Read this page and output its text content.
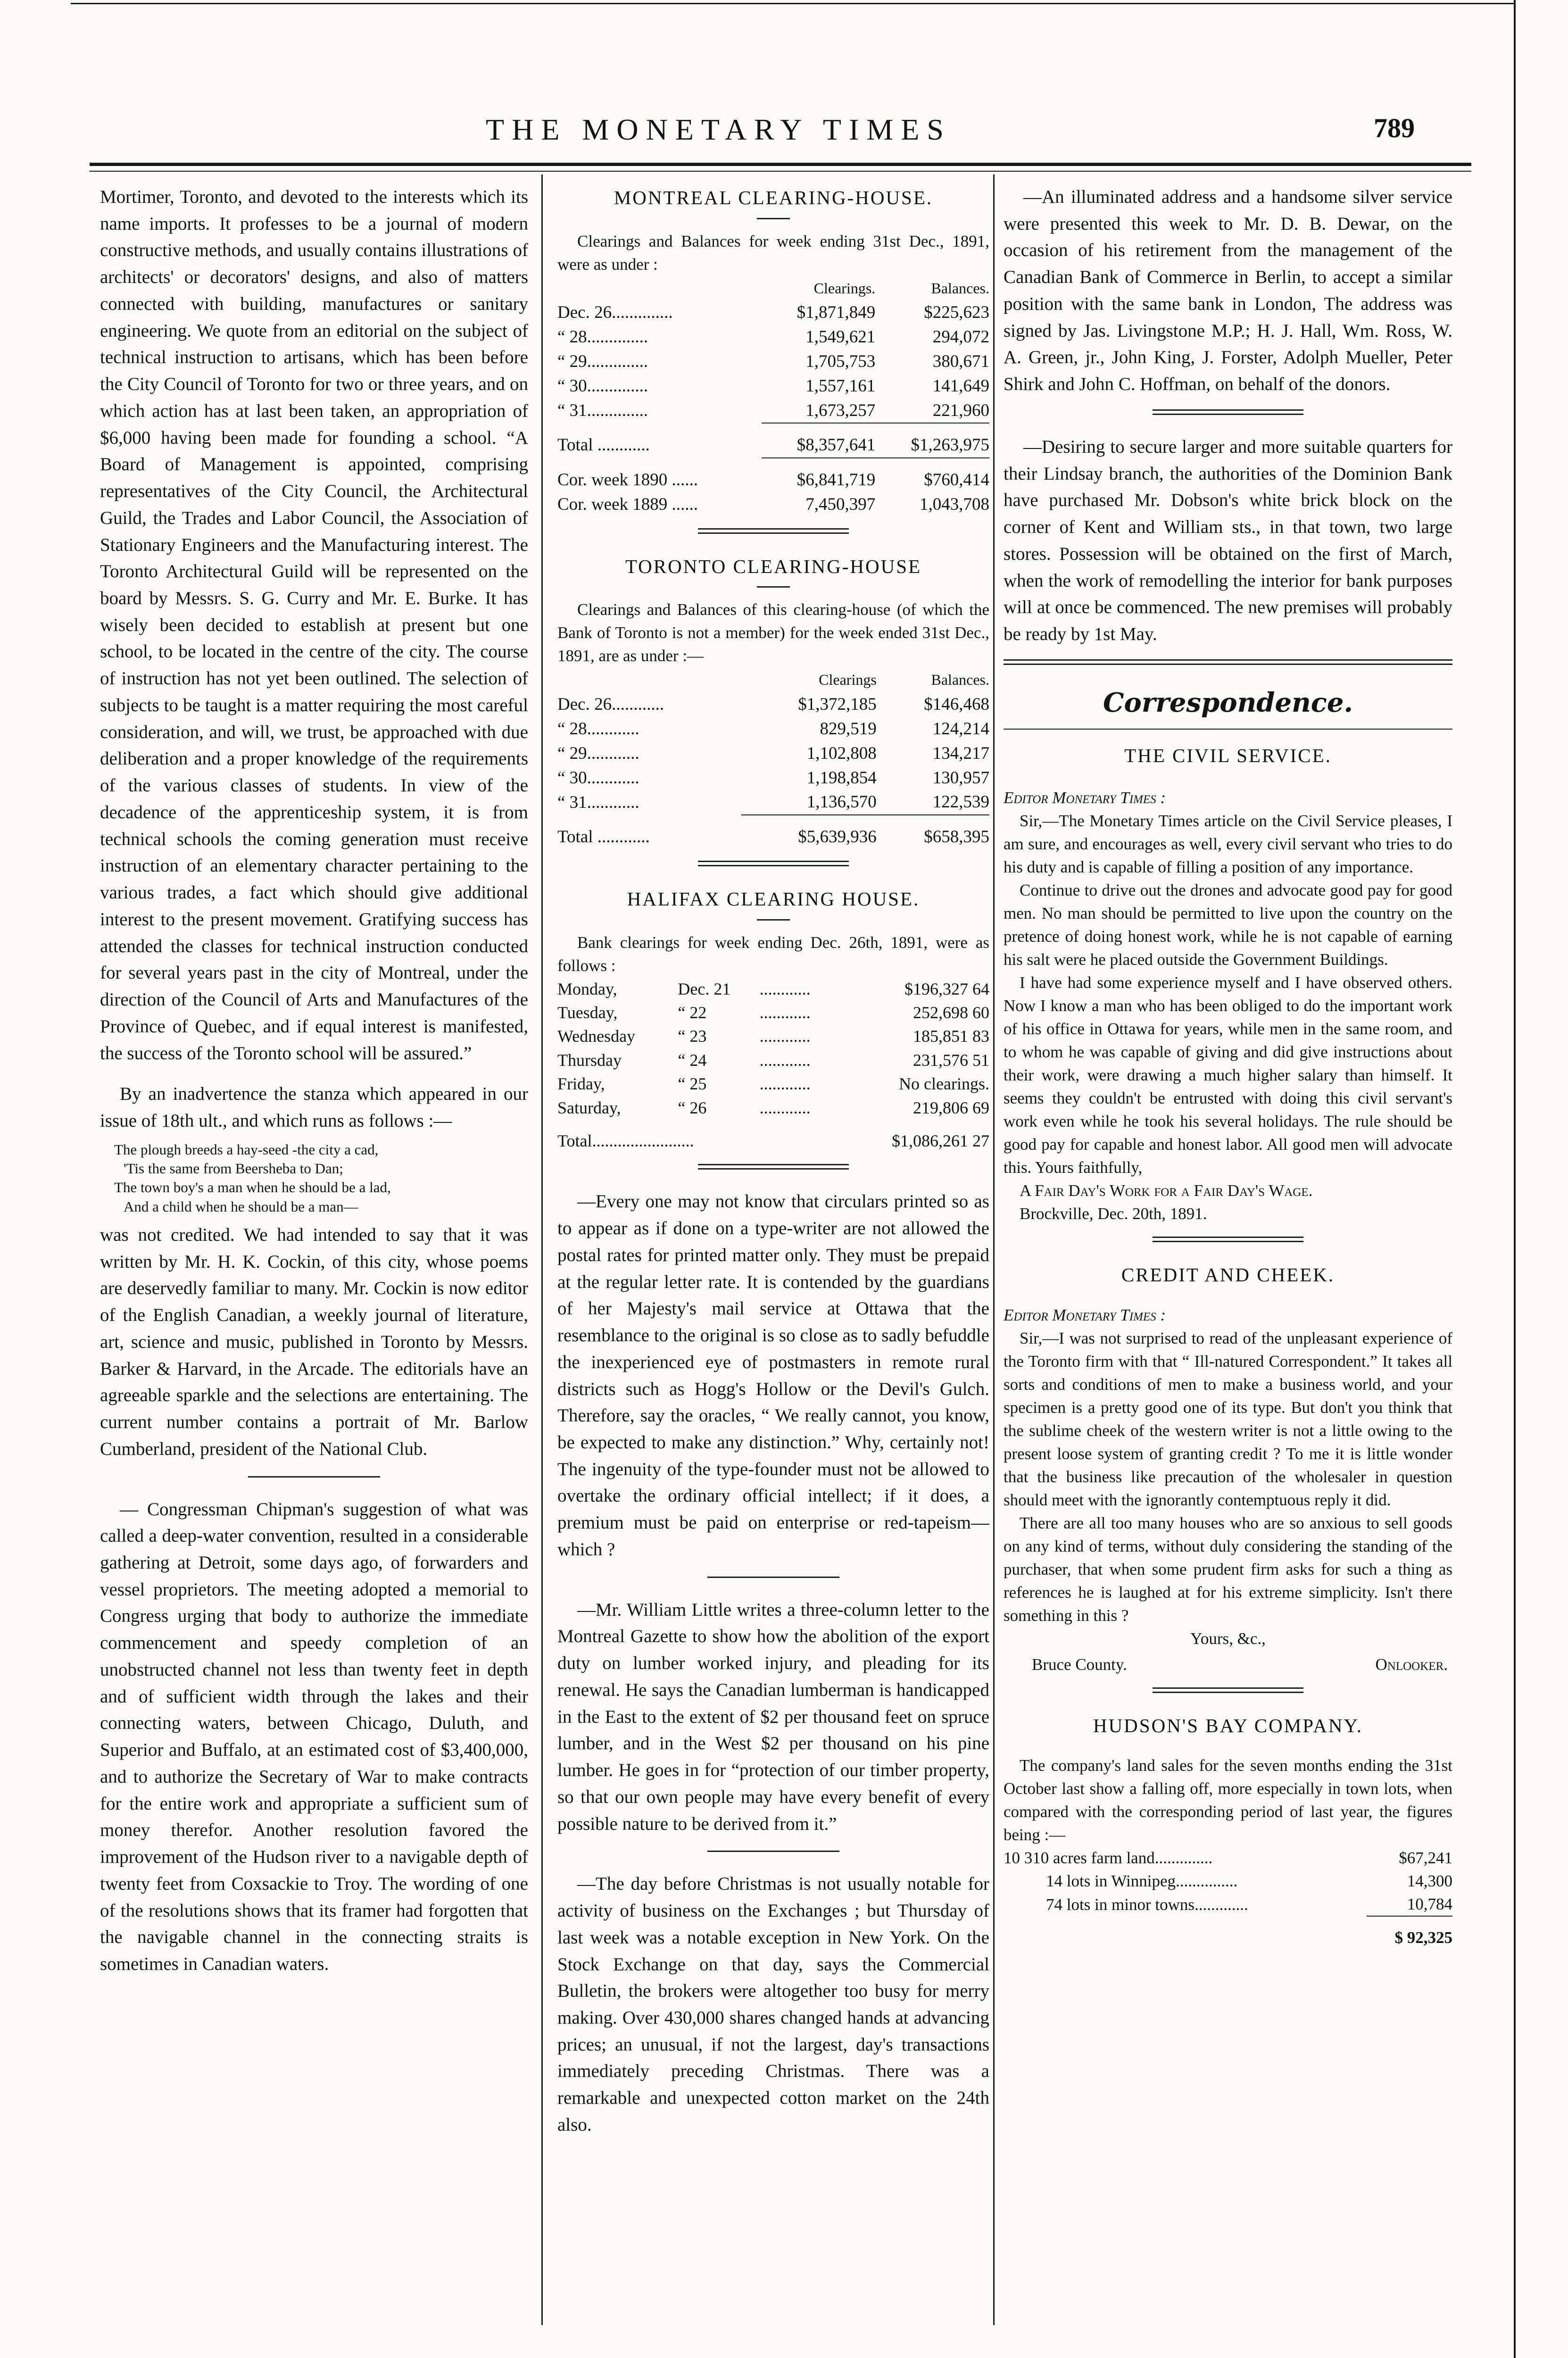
THE MONETARY TIMES	789

Mortimer, Toronto, and devoted to the interests which its name imports. It professes to be a journal of modern constructive methods, and usually contains illustrations of architects' or decorators' designs, and also of matters connected with building, manufactures or sanitary engineering. We quote from an editorial on the subject of technical instruction to artisans, which has been before the City Council of Toronto for two or three years, and on which action has at last been taken, an appropriation of $6,000 having been made for founding a school. “A Board of Management is appointed, comprising representatives of the City Council, the Architectural Guild, the Trades and Labor Council, the Association of Stationary Engineers and the Manufacturing interest. The Toronto Architectural Guild will be represented on the board by Messrs. S. G. Curry and Mr. E. Burke. It has wisely been decided to establish at present but one school, to be located in the centre of the city. The course of instruction has not yet been outlined. The selection of subjects to be taught is a matter requiring the most careful consideration, and will, we trust, be approached with due deliberation and a proper knowledge of the requirements of the various classes of students. In view of the decadence of the apprenticeship system, it is from technical schools the coming generation must receive instruction of an elementary character pertaining to the various trades, a fact which should give additional interest to the present movement. Gratifying success has attended the classes for technical instruction conducted for several years past in the city of Montreal, under the direction of the Council of Arts and Manufactures of the Province of Quebec, and if equal interest is manifested, the success of the Toronto school will be assured.”

By an inadvertence the stanza which appeared in our issue of 18th ult., and which runs as follows :—

The plough breeds a hay-seed -the city a cad,
'Tis the same from Beersheba to Dan;
The town boy's a man when he should be a lad,
And a child when he should be a man—

was not credited. We had intended to say that it was written by Mr. H. K. Cockin, of this city, whose poems are deservedly familiar to many. Mr. Cockin is now editor of the English Canadian, a weekly journal of literature, art, science and music, published in Toronto by Messrs. Barker & Harvard, in the Arcade. The editorials have an agreeable sparkle and the selections are entertaining. The current number contains a portrait of Mr. Barlow Cumberland, president of the National Club.

— Congressman Chipman's suggestion of what was called a deep-water convention, resulted in a considerable gathering at Detroit, some days ago, of forwarders and vessel proprietors. The meeting adopted a memorial to Congress urging that body to authorize the immediate commencement and speedy completion of an unobstructed channel not less than twenty feet in depth and of sufficient width through the lakes and their connecting waters, between Chicago, Duluth, and Superior and Buffalo, at an estimated cost of $3,400,000, and to authorize the Secretary of War to make contracts for the entire work and appropriate a sufficient sum of money therefor. Another resolution favored the improvement of the Hudson river to a navigable depth of twenty feet from Coxsackie to Troy. The wording of one of the resolutions shows that its framer had forgotten that the navigable channel in the connecting straits is sometimes in Canadian waters.

MONTREAL CLEARING-HOUSE.

Clearings and Balances for week ending 31st Dec., 1891, were as under :

	Clearings.	Balances.
Dec. 26..............	$1,871,849	$225,623
“ 28..............	1,549,621	294,072
“ 29..............	1,705,753	380,671
“ 30..............	1,557,161	141,649
“ 31..............	1,673,257	221,960
Total ............	$8,357,641	$1,263,975
Cor. week 1890 ......	$6,841,719	$760,414
Cor. week 1889 ......	7,450,397	1,043,708
TORONTO CLEARING-HOUSE

Clearings and Balances of this clearing-house (of which the Bank of Toronto is not a member) for the week ended 31st Dec., 1891, are as under :—

	Clearings	Balances.
Dec. 26............	$1,372,185	$146,468
“ 28............	829,519	124,214
“ 29............	1,102,808	134,217
“ 30............	1,198,854	130,957
“ 31............	1,136,570	122,539
Total ............	$5,639,936	$658,395
HALIFAX CLEARING HOUSE.

Bank clearings for week ending Dec. 26th, 1891, were as follows :

Monday,	Dec. 21	............	$196,327 64
Tuesday,	“ 22	............	252,698 60
Wednesday	“ 23	............	185,851 83
Thursday	“ 24	............	231,576 51
Friday,	“ 25	............	No clearings.
Saturday,	“ 26	............	219,806 69
Total........................			$1,086,261 27

—Every one may not know that circulars printed so as to appear as if done on a type-writer are not allowed the postal rates for printed matter only. They must be prepaid at the regular letter rate. It is contended by the guardians of her Majesty's mail service at Ottawa that the resemblance to the original is so close as to sadly befuddle the inexperienced eye of postmasters in remote rural districts such as Hogg's Hollow or the Devil's Gulch. Therefore, say the oracles, “ We really cannot, you know, be expected to make any distinction.” Why, certainly not! The ingenuity of the type-founder must not be allowed to overtake the ordinary official intellect; if it does, a premium must be paid on enterprise or red-tapeism—which ?

—Mr. William Little writes a three-column letter to the Montreal Gazette to show how the abolition of the export duty on lumber worked injury, and pleading for its renewal. He says the Canadian lumberman is handicapped in the East to the extent of $2 per thousand feet on spruce lumber, and in the West $2 per thousand on his pine lumber. He goes in for “protection of our timber property, so that our own people may have every benefit of every possible nature to be derived from it.”

—The day before Christmas is not usually notable for activity of business on the Exchanges ; but Thursday of last week was a notable exception in New York. On the Stock Exchange on that day, says the Commercial Bulletin, the brokers were altogether too busy for merry making. Over 430,000 shares changed hands at advancing prices; an unusual, if not the largest, day's transactions immediately preceding Christmas. There was a remarkable and unexpected cotton market on the 24th also.

—An illuminated address and a handsome silver service were presented this week to Mr. D. B. Dewar, on the occasion of his retirement from the management of the Canadian Bank of Commerce in Berlin, to accept a similar position with the same bank in London, The address was signed by Jas. Livingstone M.P.; H. J. Hall, Wm. Ross, W. A. Green, jr., John King, J. Forster, Adolph Mueller, Peter Shirk and John C. Hoffman, on behalf of the donors.

—Desiring to secure larger and more suitable quarters for their Lindsay branch, the authorities of the Dominion Bank have purchased Mr. Dobson's white brick block on the corner of Kent and William sts., in that town, two large stores. Possession will be obtained on the first of March, when the work of remodelling the interior for bank purposes will at once be commenced. The new premises will probably be ready by 1st May.

Correspondence.
THE CIVIL SERVICE.
Editor Monetary Times :

Sir,—The Monetary Times article on the Civil Service pleases, I am sure, and encourages as well, every civil servant who tries to do his duty and is capable of filling a position of any importance.

Continue to drive out the drones and advocate good pay for good men. No man should be permitted to live upon the country on the pretence of doing honest work, while he is not capable of earning his salt were he placed outside the Government Buildings.

I have had some experience myself and I have observed others. Now I know a man who has been obliged to do the important work of his office in Ottawa for years, while men in the same room, and to whom he was capable of giving and did give instructions about their work, were drawing a much higher salary than himself. It seems they couldn't be entrusted with doing this civil servant's work even while he took his several holidays. The rule should be good pay for capable and honest labor. All good men will advocate this. Yours faithfully,

A Fair Day's Work for a Fair Day's Wage.

Brockville, Dec. 20th, 1891.

CREDIT AND CHEEK.
Editor Monetary Times :

Sir,—I was not surprised to read of the unpleasant experience of the Toronto firm with that “ Ill-natured Correspondent.” It takes all sorts and conditions of men to make a business world, and your specimen is a pretty good one of its type. But don't you think that the sublime cheek of the western writer is not a little owing to the present loose system of granting credit ? To me it is little wonder that the business like precaution of the wholesaler in question should meet with the ignorantly contemptuous reply it did.

There are all too many houses who are so anxious to sell goods on any kind of terms, without duly considering the standing of the purchaser, that when some prudent firm asks for such a thing as references he is laughed at for his extreme simplicity. Isn't there something in this ?

Yours, &c.,
Bruce County.	Onlooker.
HUDSON'S BAY COMPANY.

The company's land sales for the seven months ending the 31st October last show a falling off, more especially in town lots, when compared with the corresponding period of last year, the figures being :—

10 310 acres farm land..............	$67,241
14 lots in Winnipeg...............	14,300
74 lots in minor towns.............	10,784
	$ 92,325
